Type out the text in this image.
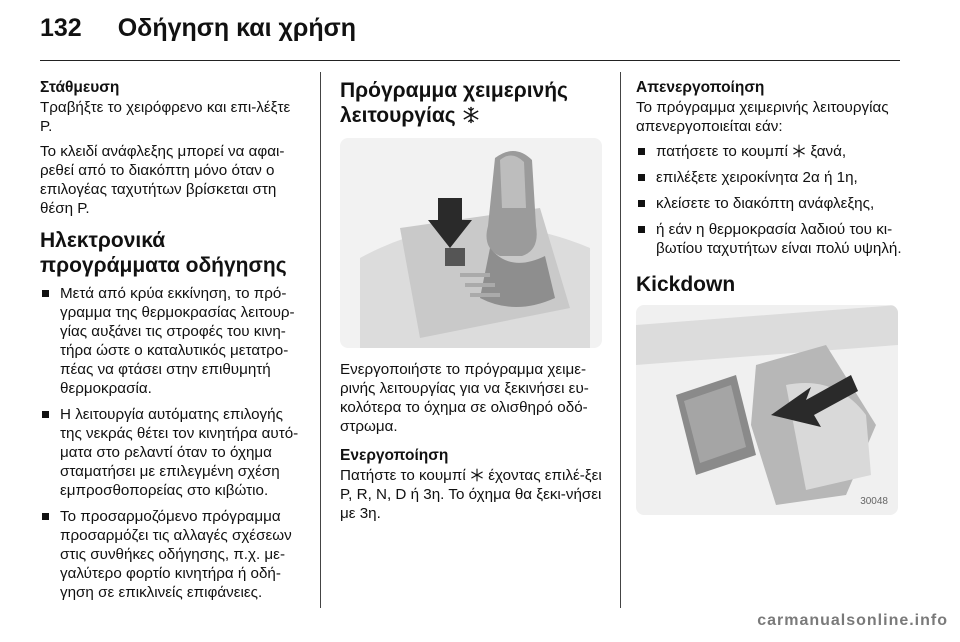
132 Οδήγηση και χρήση
Στάθμευση

Τραβήξτε το χειρόφρενο και επι-λέξτε P.

Το κλειδί ανάφλεξης μπορεί να αφαι-ρεθεί από το διακόπτη μόνο όταν ο επιλογέας ταχυτήτων βρίσκεται στη θέση P.

Ηλεκτρονικά προγράμματα οδήγησης
Μετά από κρύα εκκίνηση, το πρό-γραμμα της θερμοκρασίας λειτουρ-γίας αυξάνει τις στροφές του κινη-τήρα ώστε ο καταλυτικός μετατρο-πέας να φτάσει στην επιθυμητή θερμοκρασία.
Η λειτουργία αυτόματης επιλογής της νεκράς θέτει τον κινητήρα αυτό-ματα στο ρελαντί όταν το όχημα σταματήσει με επιλεγμένη σχέση εμπροσθοπορείας στο κιβώτιο.
Το προσαρμοζόμενο πρόγραμμα προσαρμόζει τις αλλαγές σχέσεων στις συνθήκες οδήγησης, π.χ. με-γαλύτερο φορτίο κινητήρα ή οδή-γηση σε επικλινείς επιφάνειες.
Πρόγραμμα χειμερινής λειτουργίας

Ενεργοποιήστε το πρόγραμμα χειμε-ρινής λειτουργίας για να ξεκινήσει ευ-κολότερα το όχημα σε ολισθηρό οδό-στρωμα.

Ενεργοποίηση

Πατήστε το κουμπί έχοντας επιλέ-ξει P, R, N, D ή 3η. Το όχημα θα ξεκι-νήσει με 3η.

Απενεργοποίηση

Το πρόγραμμα χειμερινής λειτουργίας απενεργοποιείται εάν:

πατήσετε το κουμπί ξανά,
επιλέξετε χειροκίνητα 2α ή 1η,
κλείσετε το διακόπτη ανάφλεξης,
ή εάν η θερμοκρασία λαδιού του κι-βωτίου ταχυτήτων είναι πολύ υψηλή.
Kickdown
30048
carmanualsonline.info
